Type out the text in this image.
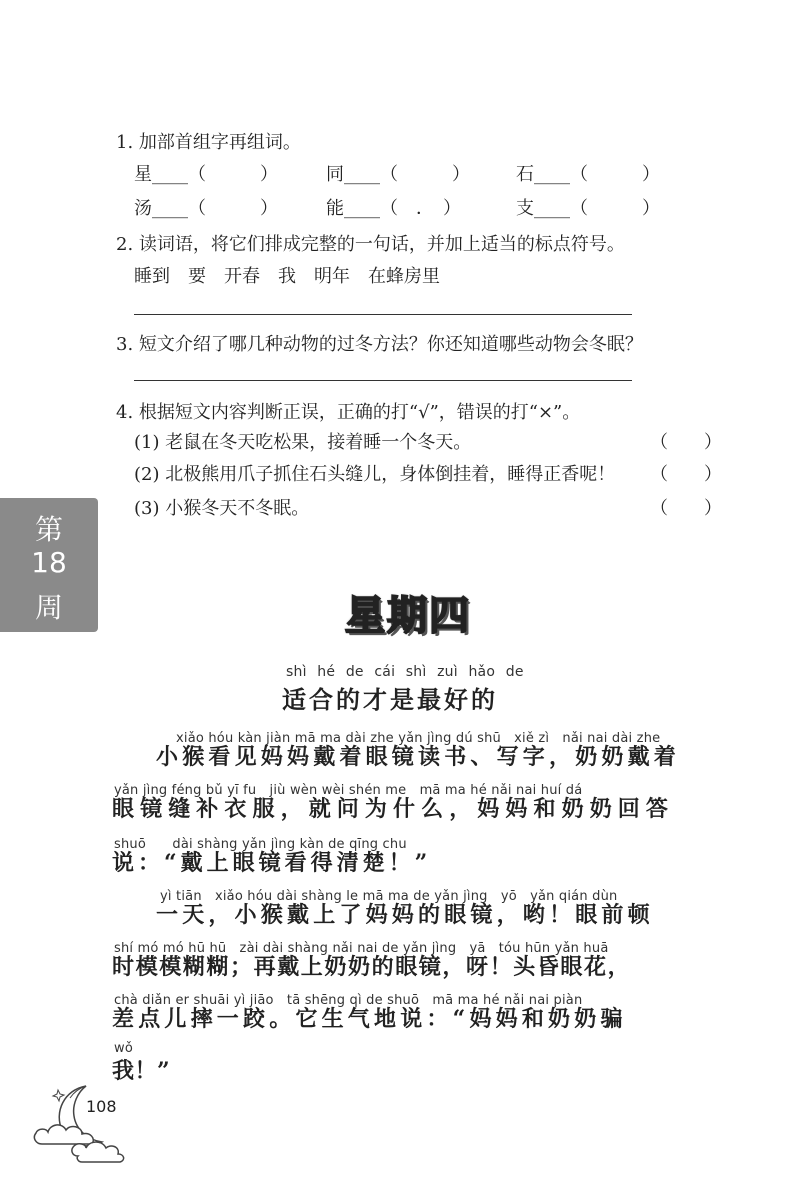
1. 加部首组字再组词。
星____（　　　）	同____（　　　）	石____（　　　）
汤____（　　　）	能____（　．　）	支____（　　　）
2. 读词语，将它们排成完整的一句话，并加上适当的标点符号。
睡到　要　开春　我　明年　在蜂房里
3. 短文介绍了哪几种动物的过冬方法？你还知道哪些动物会冬眠？
4. 根据短文内容判断正误，正确的打“√”，错误的打“×”。
(1) 老鼠在冬天吃松果，接着睡一个冬天。	（　　）
(2) 北极熊用爪子抓住石头缝儿，身体倒挂着，睡得正香呢！ （　　）
(3) 小猴冬天不冬眠。	（　　）
第
18
周	星期四
shì hé de cái shì zuì hǎo de
适合的才是最好的
xiǎo hóu kàn jiàn mā ma dài zhe yǎn jìng dú shū　xiě zì　nǎi nai dài zhe
小猴看见妈妈戴着眼镜读书、写字，奶奶戴着
yǎn jìng féng bǔ yī fu　jiù wèn wèi shén me　mā ma hé nǎi nai huí dá
眼镜缝补衣服，就问为什么，妈妈和奶奶回答
shuō　　dài shàng yǎn jìng kàn de qīng chu
说：“戴上眼镜看得清楚！”
yì tiān　xiǎo hóu dài shàng le mā ma de yǎn jìng　yō　yǎn qián dùn
一天，小猴戴上了妈妈的眼镜，哟！眼前顿
shí mó mó hū hū　zài dài shàng nǎi nai de yǎn jìng　yā　tóu hūn yǎn huā
时模模糊糊；再戴上奶奶的眼镜，呀！头昏眼花，
chà diǎn er shuāi yì jiāo　tā shēng qì de shuō　mā ma hé nǎi nai piàn
差点儿摔一跤。它生气地说：“妈妈和奶奶骗
wǒ
我！”
108
